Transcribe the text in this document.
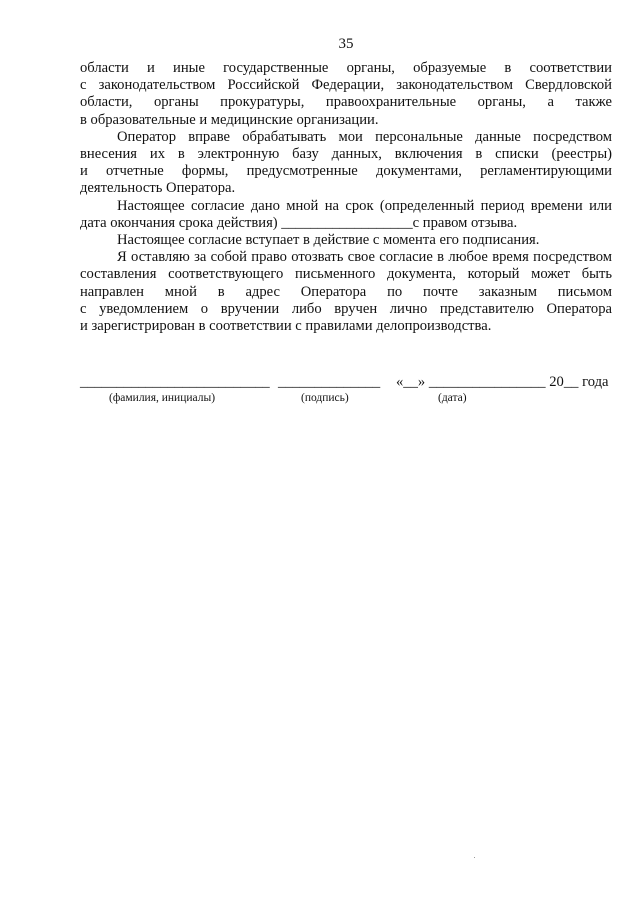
35

области и иные государственные органы, образуемые в соответствии
с законодательством Российской Федерации, законодательством Свердловской
области, органы прокуратуры, правоохранительные органы, а также
в образовательные и медицинские организации.

Оператор вправе обрабатывать мои персональные данные посредством
внесения их в электронную базу данных, включения в списки (реестры)
и отчетные формы, предусмотренные документами, регламентирующими
деятельность Оператора.

Настоящее согласие дано мной на срок (определенный период времени или
дата окончания срока действия) __________________с правом отзыва.

Настоящее согласие вступает в действие с момента его подписания.

Я оставляю за собой право отозвать свое согласие в любое время посредством
составления соответствующего письменного документа, который может быть
направлен мной в адрес Оператора по почте заказным письмом
с уведомлением о вручении либо вручен лично представителю Оператора
и зарегистрирован в соответствии с правилами делопроизводства.

__________________________
(фамилия, инициалы)
______________
(подпись)
«__» ________________ 20__ года
(дата)
